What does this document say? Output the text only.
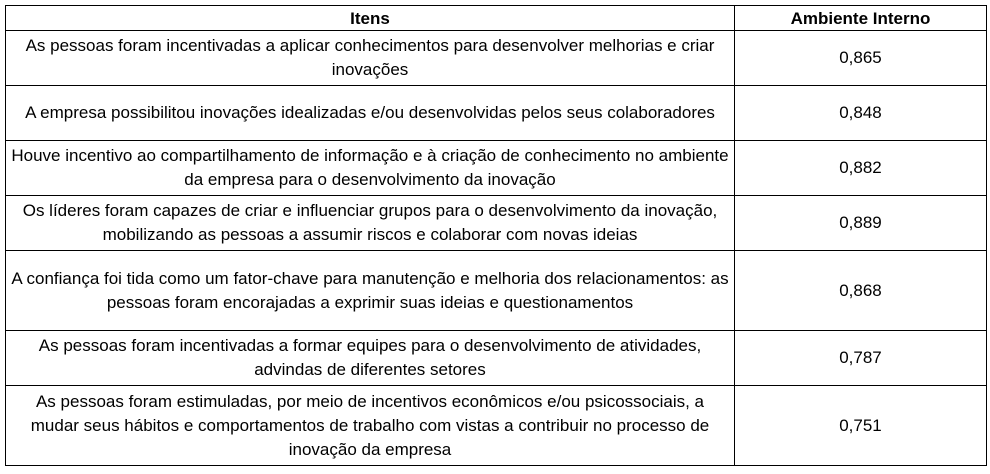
Itens	Ambiente Interno
As pessoas foram incentivadas a aplicar conhecimentos para desenvolver melhorias e criar inovações	0,865
A empresa possibilitou inovações idealizadas e/ou desenvolvidas pelos seus colaboradores	0,848
Houve incentivo ao compartilhamento de informação e à criação de conhecimento no ambiente da empresa para o desenvolvimento da inovação	0,882
Os líderes foram capazes de criar e influenciar grupos para o desenvolvimento da inovação, mobilizando as pessoas a assumir riscos e colaborar com novas ideias	0,889
A confiança foi tida como um fator-chave para manutenção e melhoria dos relacionamentos: as pessoas foram encorajadas a exprimir suas ideias e questionamentos	0,868
As pessoas foram incentivadas a formar equipes para o desenvolvimento de atividades, advindas de diferentes setores	0,787
As pessoas foram estimuladas, por meio de incentivos econômicos e/ou psicossociais, a mudar seus hábitos e comportamentos de trabalho com vistas a contribuir no processo de inovação da empresa	0,751
